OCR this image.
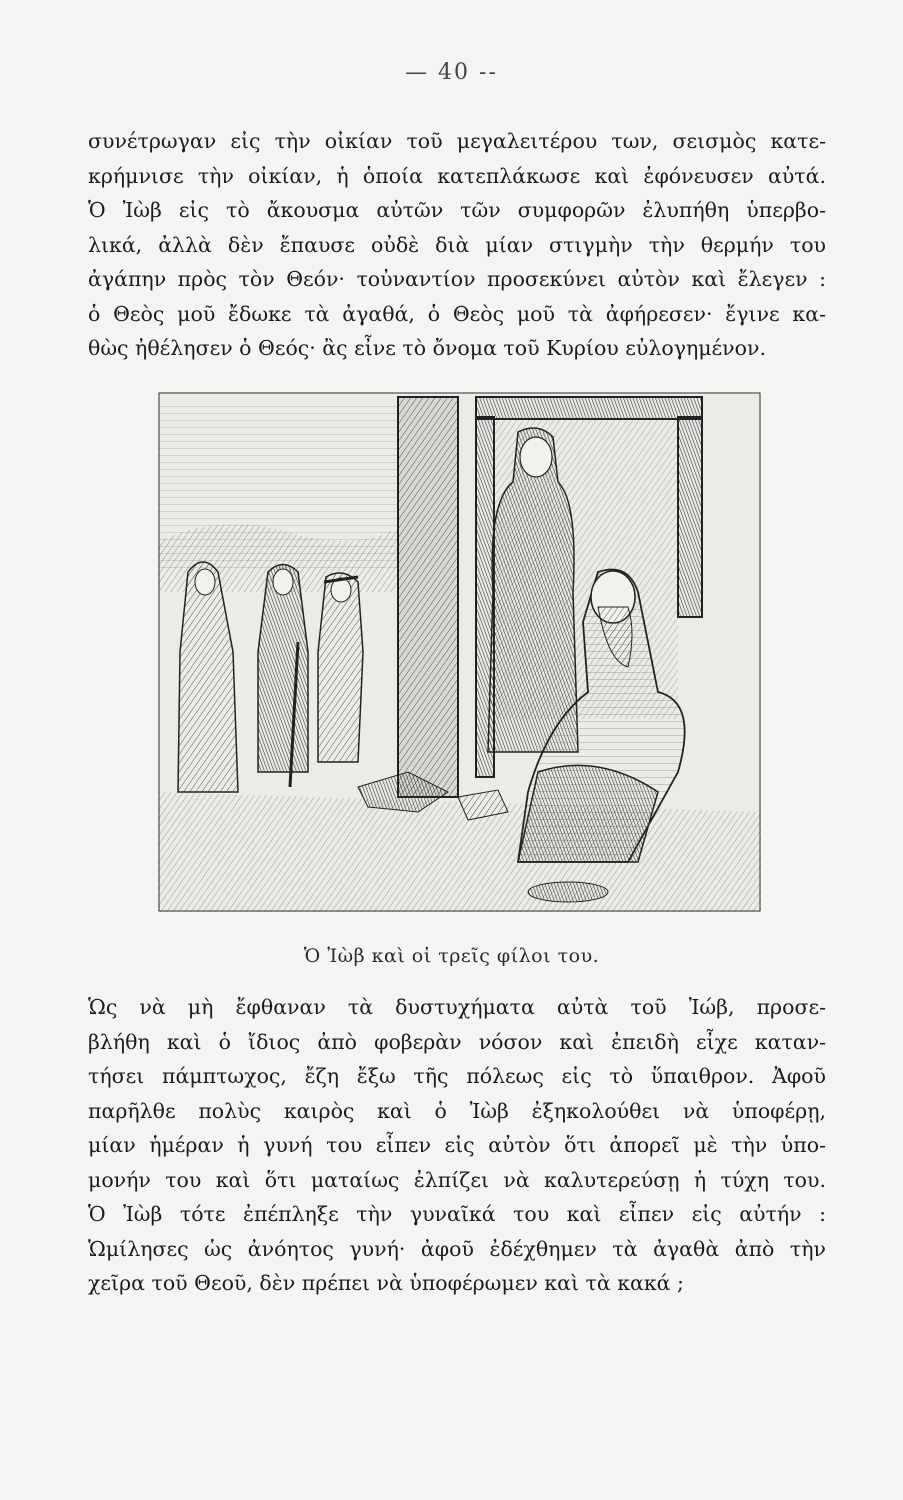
— 40 --
συνέτρωγαν εἰς τὴν οἰκίαν τοῦ μεγαλειτέρου των, σεισμὸς κατε-
κρήμνισε τὴν οἰκίαν, ἡ ὁποία κατεπλάκωσε καὶ ἐφόνευσεν αὐτά.
Ὁ Ἰὼβ εἰς τὸ ἄκουσμα αὐτῶν τῶν συμφορῶν ἐλυπήθη ὑπερβο-
λικά, ἀλλὰ δὲν ἔπαυσε οὐδὲ διὰ μίαν στιγμὴν τὴν θερμήν του
ἀγάπην πρὸς τὸν Θεόν· τοὐναντίον προσεκύνει αὐτὸν καὶ ἔλεγεν :
ὁ Θεὸς μοῦ ἔδωκε τὰ ἀγαθά, ὁ Θεὸς μοῦ τὰ ἀφήρεσεν· ἔγινε κα-
θὼς ἠθέλησεν ὁ Θεός· ἂς εἶνε τὸ ὄνομα τοῦ Κυρίου εὐλογημένον.
Ὁ Ἰὼβ καὶ οἱ τρεῖς φίλοι του.
Ὡς νὰ μὴ ἔφθαναν τὰ δυστυχήματα αὐτὰ τοῦ Ἰώβ, προσε-
βλήθη καὶ ὁ ἴδιος ἀπὸ φοβερὰν νόσον καὶ ἐπειδὴ εἶχε καταν-
τήσει πάμπτωχος, ἔζη ἔξω τῆς πόλεως εἰς τὸ ὕπαιθρον. Ἀφοῦ
παρῆλθε πολὺς καιρὸς καὶ ὁ Ἰὼβ ἐξηκολούθει νὰ ὑποφέρῃ,
μίαν ἡμέραν ἡ γυνή του εἶπεν εἰς αὐτὸν ὅτι ἀπορεῖ μὲ τὴν ὑπο-
μονήν του καὶ ὅτι ματαίως ἐλπίζει νὰ καλυτερεύσῃ ἡ τύχη του.
Ὁ Ἰὼβ τότε ἐπέπληξε τὴν γυναῖκά του καὶ εἶπεν εἰς αὐτήν :
Ὡμίλησες ὡς ἀνόητος γυνή· ἀφοῦ ἐδέχθημεν τὰ ἀγαθὰ ἀπὸ τὴν
χεῖρα τοῦ Θεοῦ, δὲν πρέπει νὰ ὑποφέρωμεν καὶ τὰ κακά ;
